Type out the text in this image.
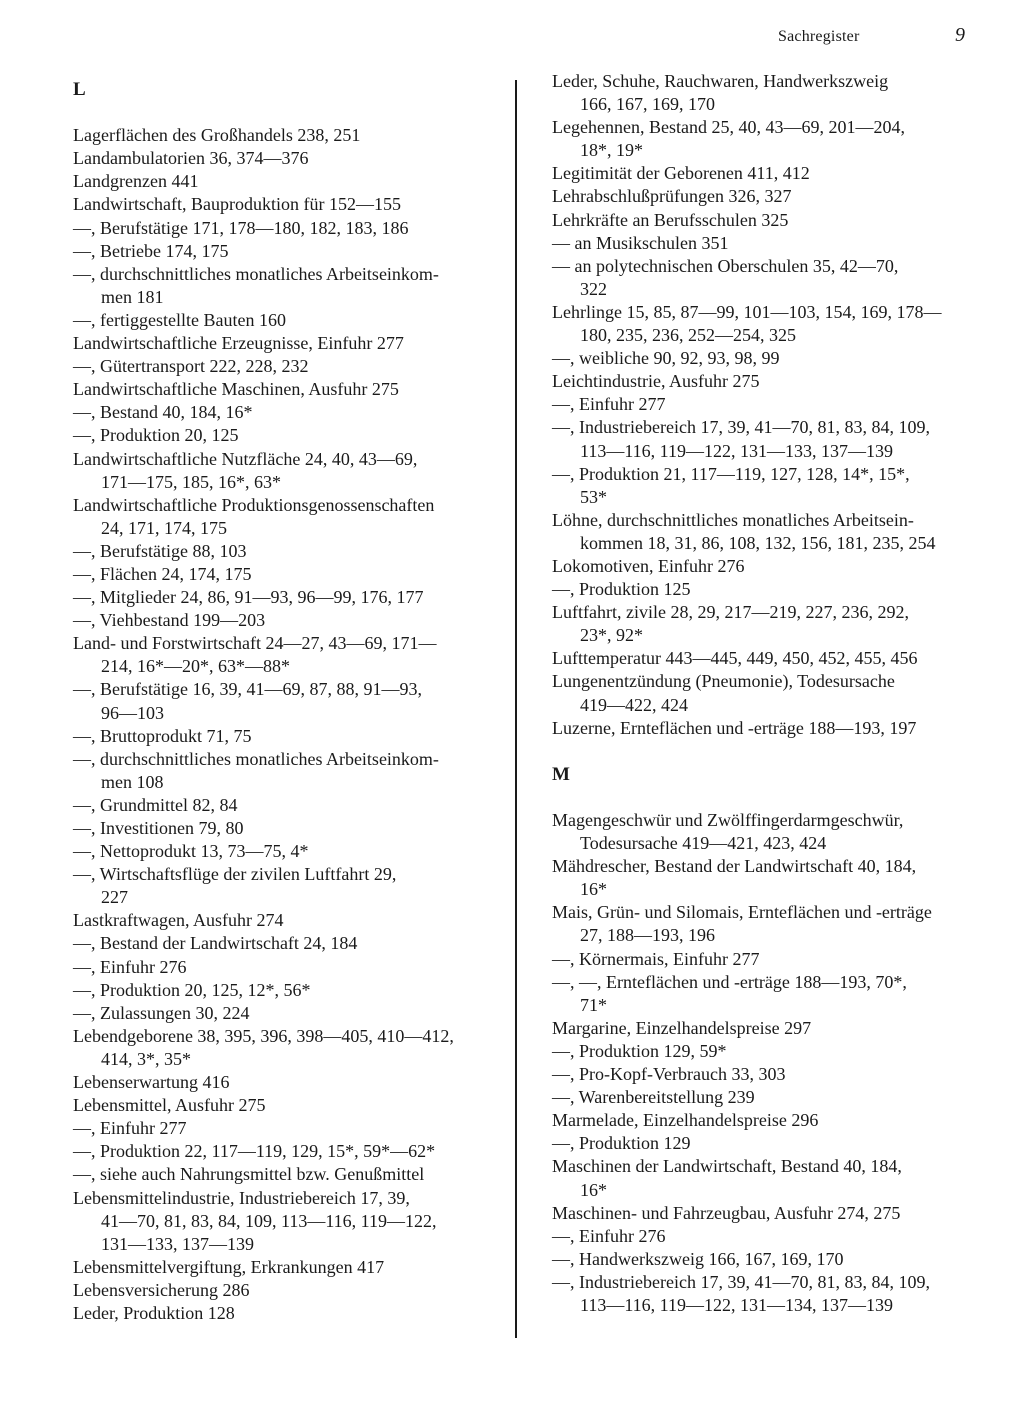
Sachregister	9
L
Lagerflächen des Großhandels 238, 251
Landambulatorien 36, 374—376
Landgrenzen 441
Landwirtschaft, Bauproduktion für 152—155
—, Berufstätige 171, 178—180, 182, 183, 186
—, Betriebe 174, 175
—, durchschnittliches monatliches Arbeitseinkom-
men 181
—, fertiggestellte Bauten 160
Landwirtschaftliche Erzeugnisse, Einfuhr 277
—, Gütertransport 222, 228, 232
Landwirtschaftliche Maschinen, Ausfuhr 275
—, Bestand 40, 184, 16*
—, Produktion 20, 125
Landwirtschaftliche Nutzfläche 24, 40, 43—69,
171—175, 185, 16*, 63*
Landwirtschaftliche Produktionsgenossenschaften
24, 171, 174, 175
—, Berufstätige 88, 103
—, Flächen 24, 174, 175
—, Mitglieder 24, 86, 91—93, 96—99, 176, 177
—, Viehbestand 199—203
Land- und Forstwirtschaft 24—27, 43—69, 171—
214, 16*—20*, 63*—88*
—, Berufstätige 16, 39, 41—69, 87, 88, 91—93,
96—103
—, Bruttoprodukt 71, 75
—, durchschnittliches monatliches Arbeitseinkom-
men 108
—, Grundmittel 82, 84
—, Investitionen 79, 80
—, Nettoprodukt 13, 73—75, 4*
—, Wirtschaftsflüge der zivilen Luftfahrt 29,
227
Lastkraftwagen, Ausfuhr 274
—, Bestand der Landwirtschaft 24, 184
—, Einfuhr 276
—, Produktion 20, 125, 12*, 56*
—, Zulassungen 30, 224
Lebendgeborene 38, 395, 396, 398—405, 410—412,
414, 3*, 35*
Lebenserwartung 416
Lebensmittel, Ausfuhr 275
—, Einfuhr 277
—, Produktion 22, 117—119, 129, 15*, 59*—62*
—, siehe auch Nahrungsmittel bzw. Genußmittel
Lebensmittelindustrie, Industriebereich 17, 39,
41—70, 81, 83, 84, 109, 113—116, 119—122,
131—133, 137—139
Lebensmittelvergiftung, Erkrankungen 417
Lebensversicherung 286
Leder, Produktion 128
Leder, Schuhe, Rauchwaren, Handwerkszweig
166, 167, 169, 170
Legehennen, Bestand 25, 40, 43—69, 201—204,
18*, 19*
Legitimität der Geborenen 411, 412
Lehrabschlußprüfungen 326, 327
Lehrkräfte an Berufsschulen 325
— an Musikschulen 351
— an polytechnischen Oberschulen 35, 42—70,
322
Lehrlinge 15, 85, 87—99, 101—103, 154, 169, 178—
180, 235, 236, 252—254, 325
—, weibliche 90, 92, 93, 98, 99
Leichtindustrie, Ausfuhr 275
—, Einfuhr 277
—, Industriebereich 17, 39, 41—70, 81, 83, 84, 109,
113—116, 119—122, 131—133, 137—139
—, Produktion 21, 117—119, 127, 128, 14*, 15*,
53*
Löhne, durchschnittliches monatliches Arbeitsein-
kommen 18, 31, 86, 108, 132, 156, 181, 235, 254
Lokomotiven, Einfuhr 276
—, Produktion 125
Luftfahrt, zivile 28, 29, 217—219, 227, 236, 292,
23*, 92*
Lufttemperatur 443—445, 449, 450, 452, 455, 456
Lungenentzündung (Pneumonie), Todesursache
419—422, 424
Luzerne, Ernteflächen und -erträge 188—193, 197
M
Magengeschwür und Zwölffingerdarmgeschwür,
Todesursache 419—421, 423, 424
Mähdrescher, Bestand der Landwirtschaft 40, 184,
16*
Mais, Grün- und Silomais, Ernteflächen und -erträge
27, 188—193, 196
—, Körnermais, Einfuhr 277
—, —, Ernteflächen und -erträge 188—193, 70*,
71*
Margarine, Einzelhandelspreise 297
—, Produktion 129, 59*
—, Pro-Kopf-Verbrauch 33, 303
—, Warenbereitstellung 239
Marmelade, Einzelhandelspreise 296
—, Produktion 129
Maschinen der Landwirtschaft, Bestand 40, 184,
16*
Maschinen- und Fahrzeugbau, Ausfuhr 274, 275
—, Einfuhr 276
—, Handwerkszweig 166, 167, 169, 170
—, Industriebereich 17, 39, 41—70, 81, 83, 84, 109,
113—116, 119—122, 131—134, 137—139
